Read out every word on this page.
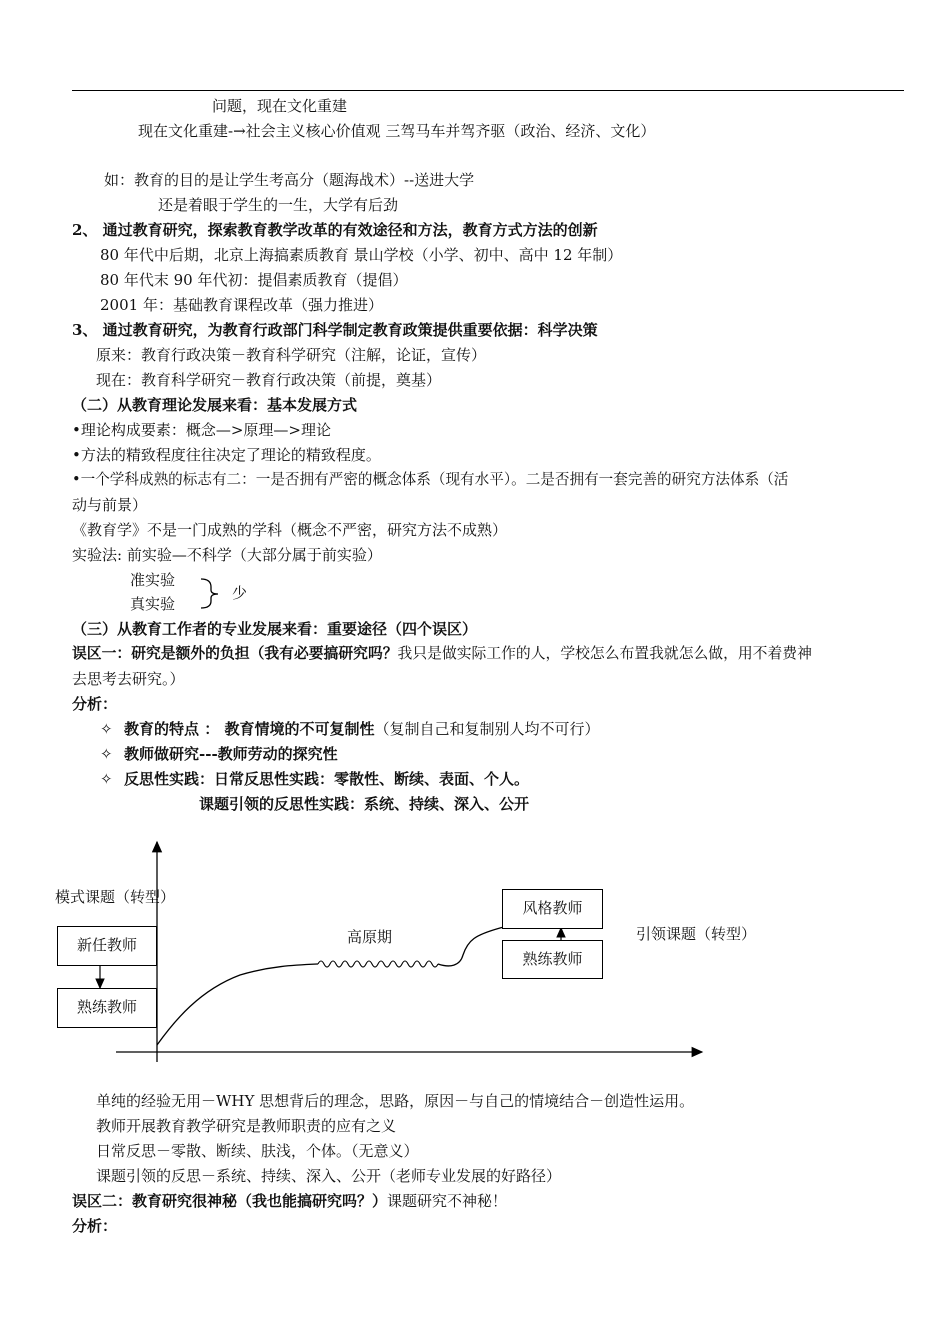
问题，现在文化重建
现在文化重建-→社会主义核心价值观 三驾马车并驾齐驱（政治、经济、文化）
如：教育的目的是让学生考高分（题海战术）--送进大学
还是着眼于学生的一生，大学有后劲
2、 通过教育研究，探索教育教学改革的有效途径和方法，教育方式方法的创新
80 年代中后期，北京上海搞素质教育 景山学校（小学、初中、高中 12 年制）
80 年代末 90 年代初：提倡素质教育（提倡）
2001 年：基础教育课程改革（强力推进）
3、 通过教育研究，为教育行政部门科学制定教育政策提供重要依据：科学决策
原来：教育行政决策－教育科学研究（注解，论证，宣传）
现在：教育科学研究－教育行政决策（前提，奠基）
（二）从教育理论发展来看：基本发展方式
•理论构成要素：概念—>原理—>理论
•方法的精致程度往往决定了理论的精致程度。
•一个学科成熟的标志有二：一是否拥有严密的概念体系（现有水平）。二是否拥有一套完善的研究方法体系（活
动与前景）
《教育学》不是一门成熟的学科（概念不严密，研究方法不成熟）
实验法: 前实验—不科学（大部分属于前实验）
准实验
真实验
少
（三）从教育工作者的专业发展来看：重要途径（四个误区）
误区一：研究是额外的负担（我有必要搞研究吗？我只是做实际工作的人，学校怎么布置我就怎么做，用不着费神
去思考去研究。）
分析：
✧ 教育的特点 ： 教育情境的不可复制性（复制自己和复制别人均不可行）
✧ 教师做研究---教师劳动的探究性
✧ 反思性实践：日常反思性实践：零散性、断续、表面、个人。
课题引领的反思性实践：系统、持续、深入、公开
模式课题（转型）
新任教师
熟练教师
高原期
风格教师
熟练教师
引领课题（转型）
单纯的经验无用－WHY 思想背后的理念，思路，原因－与自己的情境结合－创造性运用。
教师开展教育教学研究是教师职责的应有之义
日常反思－零散、断续、肤浅，个体。（无意义）
课题引领的反思－系统、持续、深入、公开（老师专业发展的好路径）
误区二：教育研究很神秘（我也能搞研究吗？）课题研究不神秘！
分析：
